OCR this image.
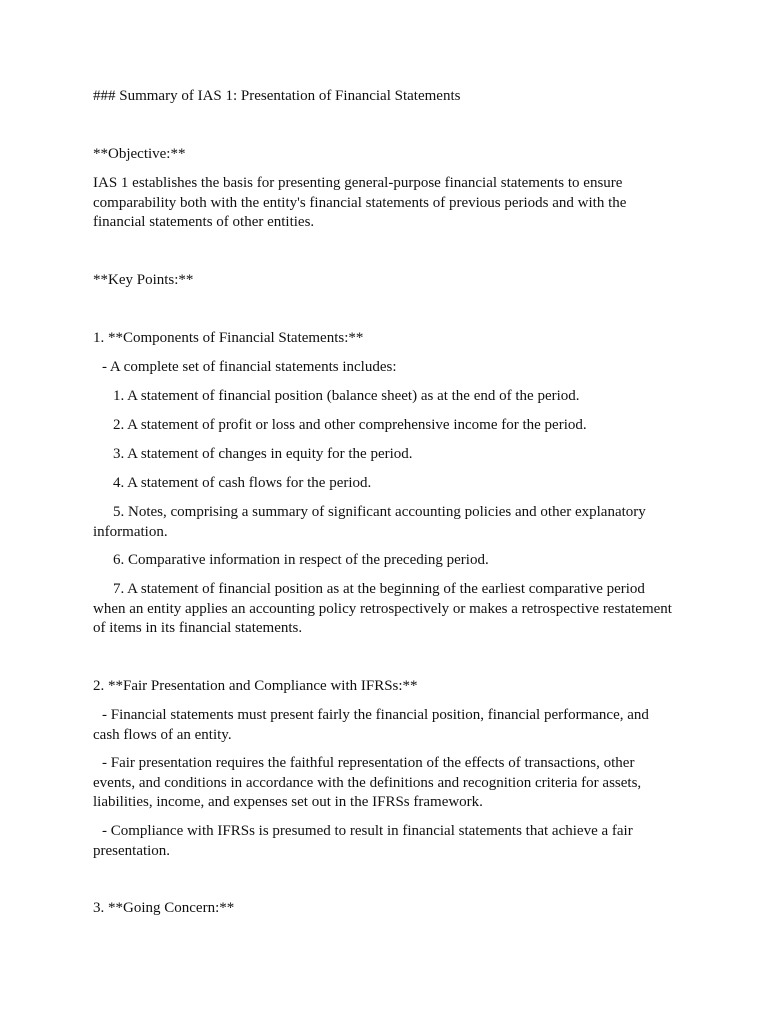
### Summary of IAS 1: Presentation of Financial Statements

**Objective:**

IAS 1 establishes the basis for presenting general-purpose financial statements to ensure comparability both with the entity's financial statements of previous periods and with the financial statements of other entities.

**Key Points:**

1. **Components of Financial Statements:**

- A complete set of financial statements includes:

1. A statement of financial position (balance sheet) as at the end of the period.

2. A statement of profit or loss and other comprehensive income for the period.

3. A statement of changes in equity for the period.

4. A statement of cash flows for the period.

5. Notes, comprising a summary of significant accounting policies and other explanatory information.

6. Comparative information in respect of the preceding period.

7. A statement of financial position as at the beginning of the earliest comparative period when an entity applies an accounting policy retrospectively or makes a retrospective restatement of items in its financial statements.

2. **Fair Presentation and Compliance with IFRSs:**

- Financial statements must present fairly the financial position, financial performance, and cash flows of an entity.

- Fair presentation requires the faithful representation of the effects of transactions, other events, and conditions in accordance with the definitions and recognition criteria for assets, liabilities, income, and expenses set out in the IFRSs framework.

- Compliance with IFRSs is presumed to result in financial statements that achieve a fair presentation.

3. **Going Concern:**
